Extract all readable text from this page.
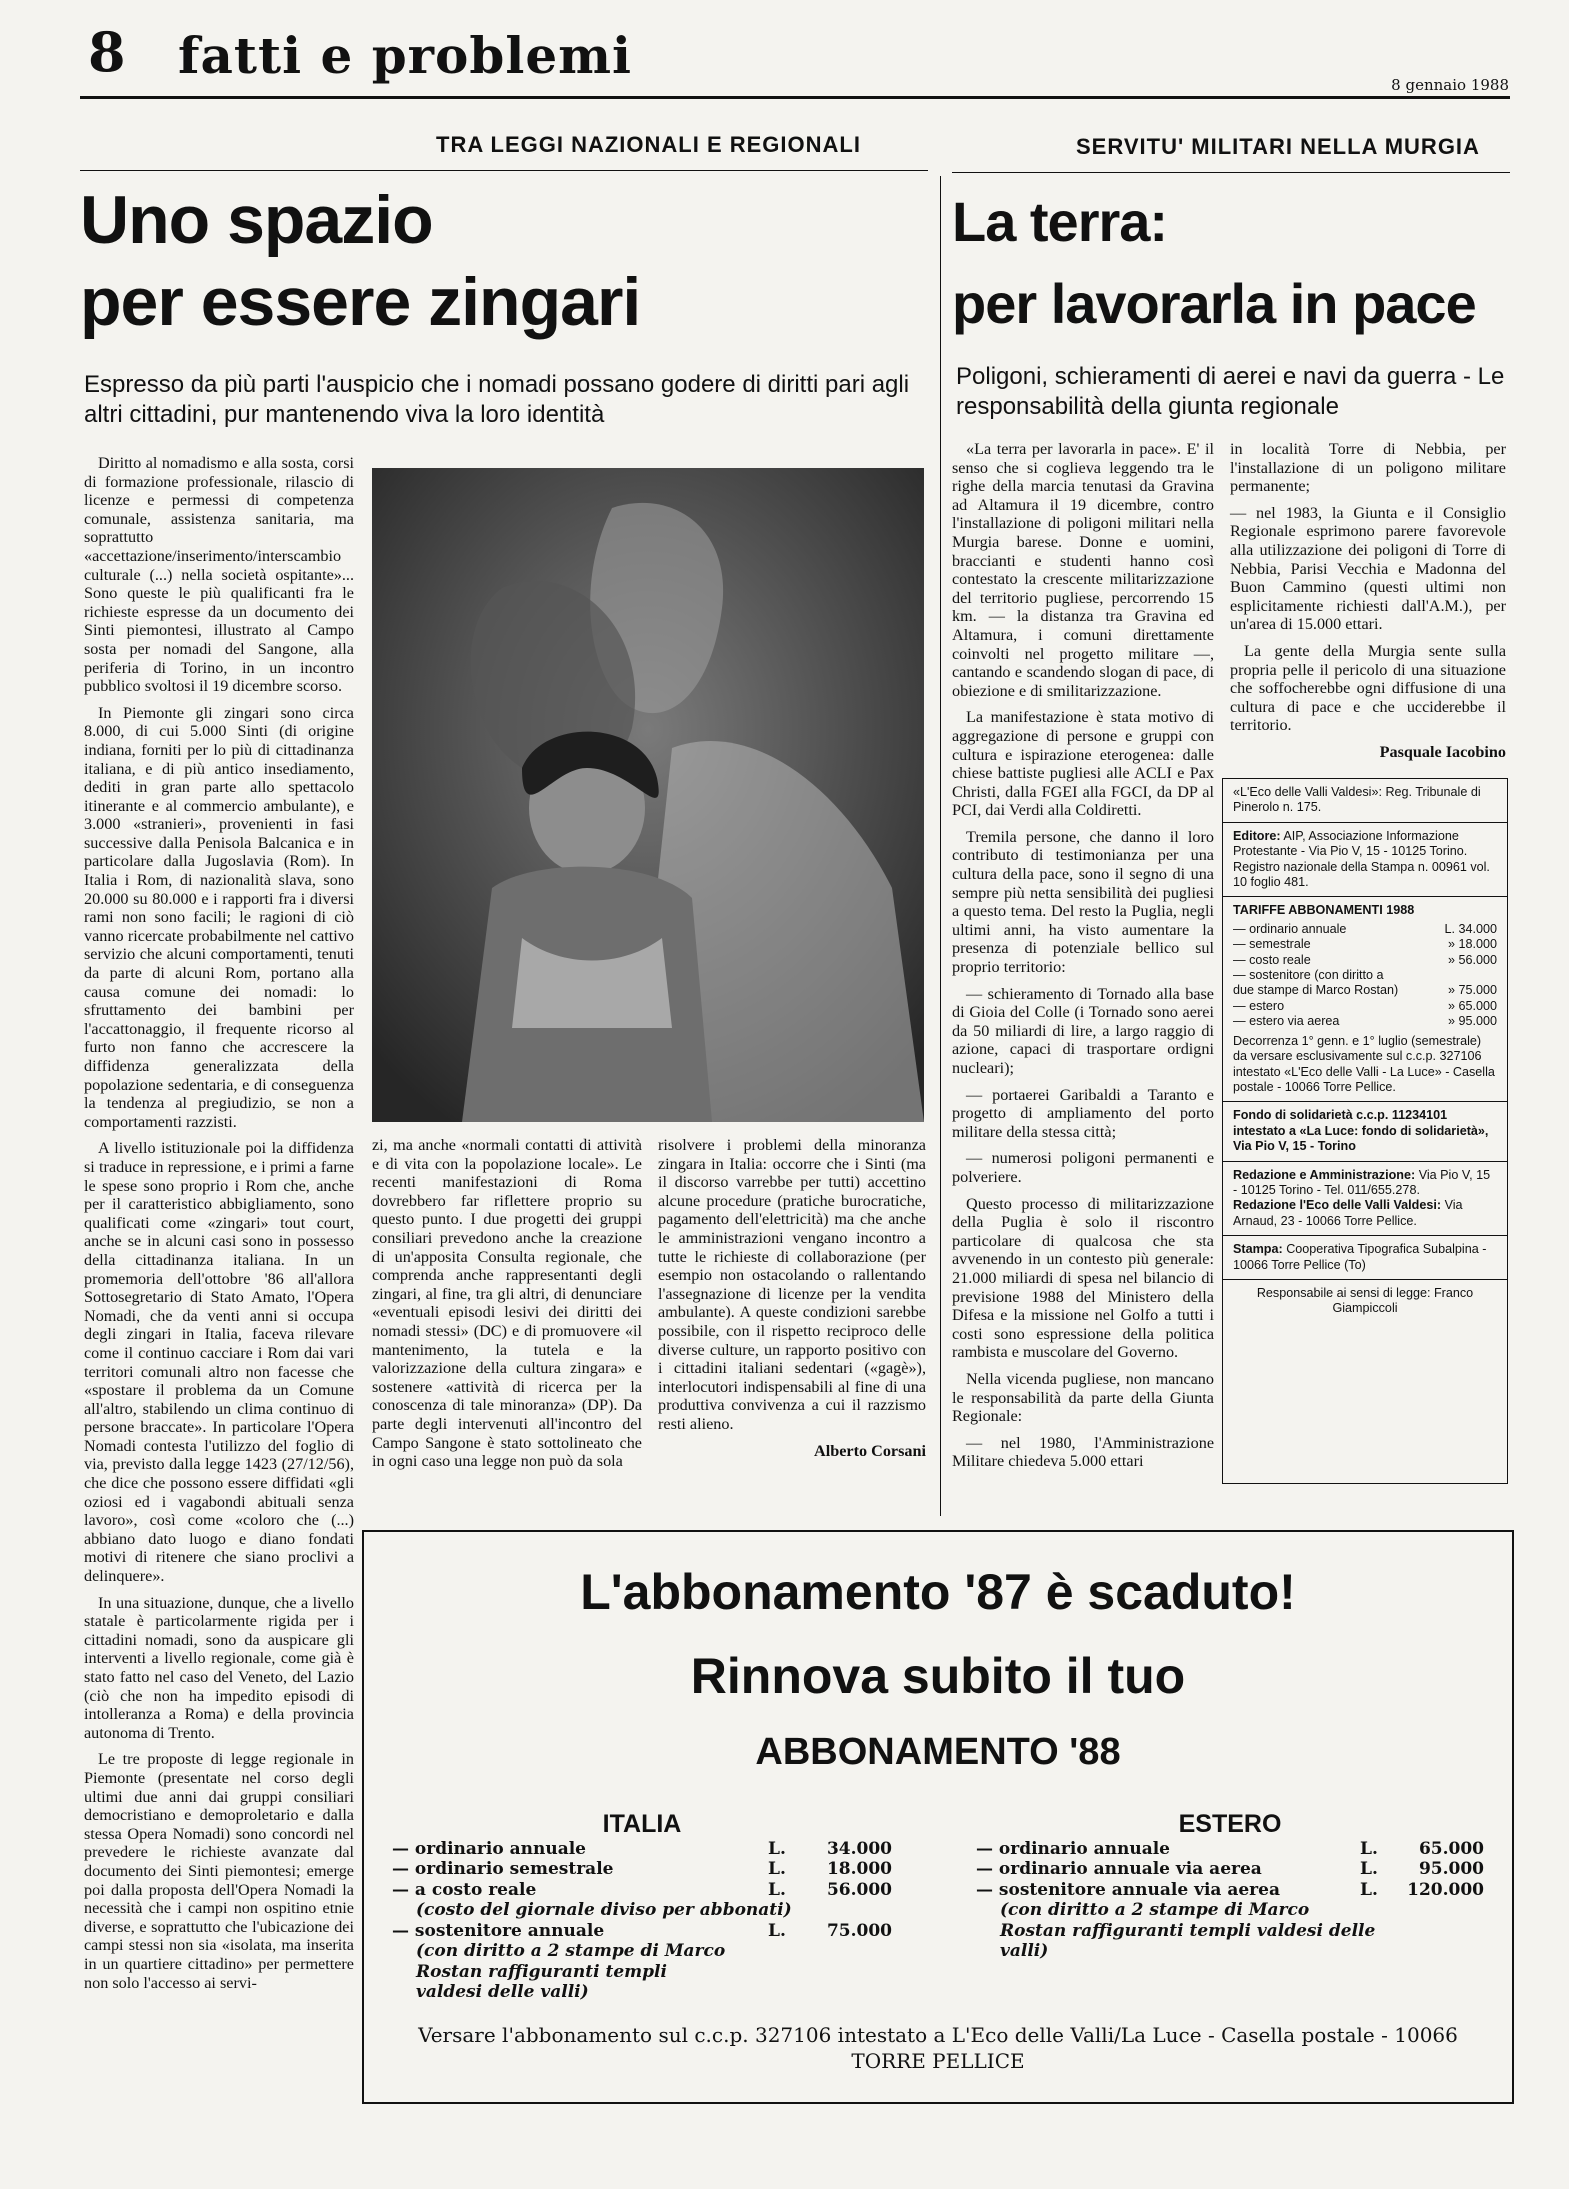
8 fatti e problemi	8 gennaio 1988
TRA LEGGI NAZIONALI E REGIONALI	SERVITU' MILITARI NELLA MURGIA
Uno spazio
per essere zingari
La terra:
per lavorarla in pace
Espresso da più parti l'auspicio che i nomadi possano godere di diritti pari agli altri cittadini, pur mantenendo viva la loro identità
Poligoni, schieramenti di aerei e navi da guerra - Le responsabilità della giunta regionale

Diritto al nomadismo e alla sosta, corsi di formazione professionale, rilascio di licenze e permessi di competenza comunale, assistenza sanitaria, ma soprattutto «accettazione/inserimento/interscambio culturale (...) nella società ospitante»... Sono queste le più qualificanti fra le richieste espresse da un documento dei Sinti piemontesi, illustrato al Campo sosta per nomadi del Sangone, alla periferia di Torino, in un incontro pubblico svoltosi il 19 dicembre scorso.

In Piemonte gli zingari sono circa 8.000, di cui 5.000 Sinti (di origine indiana, forniti per lo più di cittadinanza italiana, e di più antico insediamento, dediti in gran parte allo spettacolo itinerante e al commercio ambulante), e 3.000 «stranieri», provenienti in fasi successive dalla Penisola Balcanica e in particolare dalla Jugoslavia (Rom). In Italia i Rom, di nazionalità slava, sono 20.000 su 80.000 e i rapporti fra i diversi rami non sono facili; le ragioni di ciò vanno ricercate probabilmente nel cattivo servizio che alcuni comportamenti, tenuti da parte di alcuni Rom, portano alla causa comune dei nomadi: lo sfruttamento dei bambini per l'accattonaggio, il frequente ricorso al furto non fanno che accrescere la diffidenza generalizzata della popolazione sedentaria, e di conseguenza la tendenza al pregiudizio, se non a comportamenti razzisti.

A livello istituzionale poi la diffidenza si traduce in repressione, e i primi a farne le spese sono proprio i Rom che, anche per il caratteristico abbigliamento, sono qualificati come «zingari» tout court, anche se in alcuni casi sono in possesso della cittadinanza italiana. In un promemoria dell'ottobre '86 all'allora Sottosegretario di Stato Amato, l'Opera Nomadi, che da venti anni si occupa degli zingari in Italia, faceva rilevare come il continuo cacciare i Rom dai vari territori comunali altro non facesse che «spostare il problema da un Comune all'altro, stabilendo un clima continuo di persone braccate». In particolare l'Opera Nomadi contesta l'utilizzo del foglio di via, previsto dalla legge 1423 (27/12/56), che dice che possono essere diffidati «gli oziosi ed i vagabondi abituali senza lavoro», così come «coloro che (...) abbiano dato luogo e diano fondati motivi di ritenere che siano proclivi a delinquere».

In una situazione, dunque, che a livello statale è particolarmente rigida per i cittadini nomadi, sono da auspicare gli interventi a livello regionale, come già è stato fatto nel caso del Veneto, del Lazio (ciò che non ha impedito episodi di intolleranza a Roma) e della provincia autonoma di Trento.

Le tre proposte di legge regionale in Piemonte (presentate nel corso degli ultimi due anni dai gruppi consiliari democristiano e demoproletario e dalla stessa Opera Nomadi) sono concordi nel prevedere le richieste avanzate dal documento dei Sinti piemontesi; emerge poi dalla proposta dell'Opera Nomadi la necessità che i campi non ospitino etnie diverse, e soprattutto che l'ubicazione dei campi stessi non sia «isolata, ma inserita in un quartiere cittadino» per permettere non solo l'accesso ai servi-

zi, ma anche «normali contatti di attività e di vita con la popolazione locale». Le recenti manifestazioni di Roma dovrebbero far riflettere proprio su questo punto. I due progetti dei gruppi consiliari prevedono anche la creazione di un'apposita Consulta regionale, che comprenda anche rappresentanti degli zingari, al fine, tra gli altri, di denunciare «eventuali episodi lesivi dei diritti dei nomadi stessi» (DC) e di promuovere «il mantenimento, la tutela e la valorizzazione della cultura zingara» e sostenere «attività di ricerca per la conoscenza di tale minoranza» (DP). Da parte degli intervenuti all'incontro del Campo Sangone è stato sottolineato che in ogni caso una legge non può da sola

risolvere i problemi della minoranza zingara in Italia: occorre che i Sinti (ma il discorso varrebbe per tutti) accettino alcune procedure (pratiche burocratiche, pagamento dell'elettricità) ma che anche le amministrazioni vengano incontro a tutte le richieste di collaborazione (per esempio non ostacolando o rallentando l'assegnazione di licenze per la vendita ambulante). A queste condizioni sarebbe possibile, con il rispetto reciproco delle diverse culture, un rapporto positivo con i cittadini italiani sedentari («gagè»), interlocutori indispensabili al fine di una produttiva convivenza a cui il razzismo resti alieno.

Alberto Corsani

«La terra per lavorarla in pace». E' il senso che si coglieva leggendo tra le righe della marcia tenutasi da Gravina ad Altamura il 19 dicembre, contro l'installazione di poligoni militari nella Murgia barese. Donne e uomini, braccianti e studenti hanno così contestato la crescente militarizzazione del territorio pugliese, percorrendo 15 km. — la distanza tra Gravina ed Altamura, i comuni direttamente coinvolti nel progetto militare —, cantando e scandendo slogan di pace, di obiezione e di smilitarizzazione.

La manifestazione è stata motivo di aggregazione di persone e gruppi con cultura e ispirazione eterogenea: dalle chiese battiste pugliesi alle ACLI e Pax Christi, dalla FGEI alla FGCI, da DP al PCI, dai Verdi alla Coldiretti.

Tremila persone, che danno il loro contributo di testimonianza per una cultura della pace, sono il segno di una sempre più netta sensibilità dei pugliesi a questo tema. Del resto la Puglia, negli ultimi anni, ha visto aumentare la presenza di potenziale bellico sul proprio territorio:

— schieramento di Tornado alla base di Gioia del Colle (i Tornado sono aerei da 50 miliardi di lire, a largo raggio di azione, capaci di trasportare ordigni nucleari);

— portaerei Garibaldi a Taranto e progetto di ampliamento del porto militare della stessa città;

— numerosi poligoni permanenti e polveriere.

Questo processo di militarizzazione della Puglia è solo il riscontro particolare di qualcosa che sta avvenendo in un contesto più generale: 21.000 miliardi di spesa nel bilancio di previsione 1988 del Ministero della Difesa e la missione nel Golfo a tutti i costi sono espressione della politica rambista e muscolare del Governo.

Nella vicenda pugliese, non mancano le responsabilità da parte della Giunta Regionale:

— nel 1980, l'Amministrazione Militare chiedeva 5.000 ettari

in località Torre di Nebbia, per l'installazione di un poligono militare permanente;

— nel 1983, la Giunta e il Consiglio Regionale esprimono parere favorevole alla utilizzazione dei poligoni di Torre di Nebbia, Parisi Vecchia e Madonna del Buon Cammino (questi ultimi non esplicitamente richiesti dall'A.M.), per un'area di 15.000 ettari.

La gente della Murgia sente sulla propria pelle il pericolo di una situazione che soffocherebbe ogni diffusione di una cultura di pace e che ucciderebbe il territorio.

Pasquale Iacobino

«L'Eco delle Valli Valdesi»: Reg. Tribunale di Pinerolo n. 175.
Editore: AIP, Associazione Informazione Protestante - Via Pio V, 15 - 10125 Torino.
Registro nazionale della Stampa n. 00961 vol. 10 foglio 481.
TARIFFE ABBONAMENTI 1988
— ordinario annuale	L. 34.000
— semestrale	» 18.000
— costo reale	» 56.000
— sostenitore (con diritto a due stampe di Marco Rostan)	» 75.000
— estero	» 65.000
— estero via aerea	» 95.000
Decorrenza 1° genn. e 1° luglio (semestrale) da versare esclusivamente sul c.c.p. 327106 intestato «L'Eco delle Valli - La Luce» - Casella postale - 10066 Torre Pellice.
Fondo di solidarietà c.c.p. 11234101 intestato a «La Luce: fondo di solidarietà», Via Pio V, 15 - Torino
Redazione e Amministrazione: Via Pio V, 15 - 10125 Torino - Tel. 011/655.278.
Redazione l'Eco delle Valli Valdesi: Via Arnaud, 23 - 10066 Torre Pellice.
Stampa: Cooperativa Tipografica Subalpina - 10066 Torre Pellice (To)
Responsabile ai sensi di legge: Franco Giampiccoli
L'abbonamento '87 è scaduto!
Rinnova subito il tuo
ABBONAMENTO '88
ITALIA
— ordinario annuale	L.	34.000
— ordinario semestrale	L.	18.000
— a costo reale	L.	56.000
(costo del giornale diviso per abbonati)
— sostenitore annuale	L.	75.000
(con diritto a 2 stampe di Marco Rostan raffiguranti templi valdesi delle valli)
ESTERO
— ordinario annuale	L.	65.000
— ordinario annuale via aerea	L.	95.000
— sostenitore annuale via aerea	L.	120.000
(con diritto a 2 stampe di Marco Rostan raffiguranti templi valdesi delle valli)
Versare l'abbonamento sul c.c.p. 327106 intestato a L'Eco delle Valli/La Luce - Casella postale - 10066 TORRE PELLICE
